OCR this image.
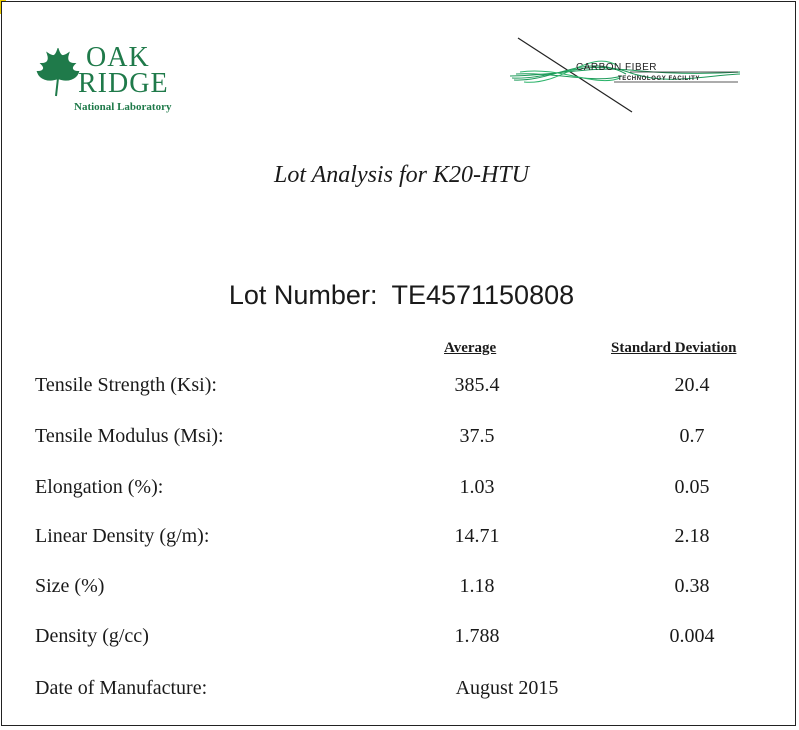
OAK
RIDGE
National Laboratory
CARBON FIBER
TECHNOLOGY FACILITY
Lot Analysis for K20-HTU
Lot Number: TE4571150808
Average	Standard Deviation
Tensile Strength (Ksi):	385.4	20.4
Tensile Modulus (Msi):	37.5	0.7
Elongation (%):	1.03	0.05
Linear Density (g/m):	14.71	2.18
Size (%)	1.18	0.38
Density (g/cc)	1.788	0.004
Date of Manufacture:	August 2015
